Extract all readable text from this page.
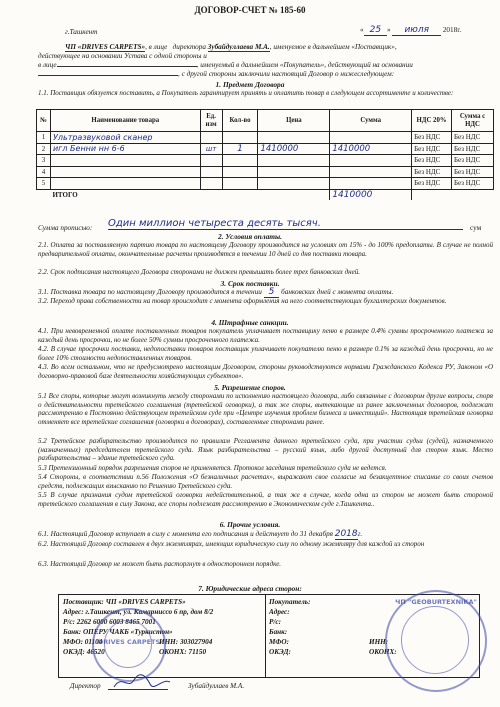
ДОГОВОР-СЧЕТ № 185-60
г.Ташкент	« 25 » июля 2018г.
ЧП «DRIVES CARPETS», в лице директора Зубайдуллаева М.А., именуемое в дальнейшем «Поставщик»,
действующее на основании Устава с одной стороны и
в лице	, именуемый в дальнейшем «Покупатель», действующий на основании
, с другой стороны заключили настоящий Договор о нижеследующем:
1. Предмет Договора
1.1. Поставщик обязуется поставить, а Покупатель гарантирует принять и оплатить товар в следующем ассортименте и количестве:
№	Наименование товара	Ед. изм	Кол-во	Цена	Сумма	НДС 20%	Сумма с НДС
1	Ультразвуковой сканер					Без НДС	Без НДС
2	игл Бенни нн 6-6	шт	1	1410000	1410000	Без НДС	Без НДС
3						Без НДС	Без НДС
4						Без НДС	Без НДС
5						Без НДС	Без НДС
	ИТОГО				1410000		
Сумма прописью: Один миллион четыреста десять тысяч.	сум
2. Условия оплаты.
2.1. Оплата за поставляемую партию товара по настоящему Договору производится на условиях от 15% - до 100% предоплаты. В случае не полной предварительной оплаты, окончательные расчеты производятся в течении 10 дней со дня поставки товара.
2.2. Срок подписания настоящего Договора сторонами не должен превышать более трех банковских дней.
3. Срок поставки.
3.1. Поставка товара по настоящему Договору производится в течении 5 банковских дней с момента оплаты.
3.2. Переход права собственности на товар происходит с момента оформления на него соответствующих бухгалтерских документов.
4. Штрафные санкции.
4.1. При невовременной оплате поставленных товаров покупатель уплачивает поставщику пеню в размере 0.4% суммы просроченного платежа за каждый день просрочки, но не более 50% суммы просроченного платежа.
4.2. В случае просрочки поставки, недопоставки товаров поставщик уплачивает покупателю пеню в размере 0.1% за каждый день просрочки, но не более 10% стоимости недопоставленных товаров.
4.3. Во всем остальном, что не предусмотрено настоящим Договором, стороны руководствуются нормами Гражданского Кодекса РУ, Законом «О договорно-правовой базе деятельности хозяйствующих субъектов».
5. Разрешение споров.
5.1 Все споры, которые могут возникнуть между сторонами по исполнению настоящего договора, либо связанные с договором другие вопросы, споря о действительности третейского соглашения (третейской оговорки), а так же споры, вытекающие из ранее заключенных договоров, подлежат рассмотрению в Постоянно действующем третейском суде при «Центре изучения проблем бизнеса и инвестиций». Настоящая третейская оговорка отменяет все третейские соглашения (оговорки в договорах), составленные сторонами ранее.
5.2 Третейское разбирательство производится по правилам Регламента данного третейского суда, при участии судьи (судей), назначенного (назначенных) председателем третейского суда. Язык разбирательства – русский язык, либо другой доступный для сторон язык. Место разбирательства – здание третейского суда.
5.3 Претензионный порядок разрешения споров не применяется. Протокол заседания третейского суда не ведется.
5.4 Стороны, в соответствии п.56 Положения «О безналичных расчетах», выражают свое согласие на безакцептное списание со своих счетов средств, подлежащих взысканию по Решению Третейского суда.
5.5 В случае признания судом третейской оговорки недействительной, а так же в случае, когда одна из сторон не может быть стороной третейского соглашения в силу Закона, все споры подлежат рассмотрению в Экономическом суде г.Ташкента..
6. Прочие условия.
6.1. Настоящий Договор вступает в силу с момента его подписания и действует до 31 декабря 2018г.
6.2. Настоящий Договор составлен в двух экземплярах, имеющих юридическую силу по одному экземпляру для каждой из сторон
6.3. Настоящий Договор не может быть расторгнут в одностороннем порядке.
7. Юридические адреса сторон:
Поставщик: ЧП «DRIVES CARPETS»
Адрес: г.Ташкент, ул. Камарниссо 6 пр, дом 8/2
Р/с: 2262 6000 6003 8465 7001
Банк: ОПЕРУ ЧАКБ «Туркистон»
МФО: 01104	ИНН: 303027904
ОКЭД: 46520	ОКОНХ: 71150
Покупатель:
Адрес:
Р/с:
Банк:
МФО:	ИНН:
ОКЭД:	ОКОНХ:
DRIVES CARPETS
ЧП "GEOBURTEXNIKA"
Директор	Зубайдуллаев М.А.
